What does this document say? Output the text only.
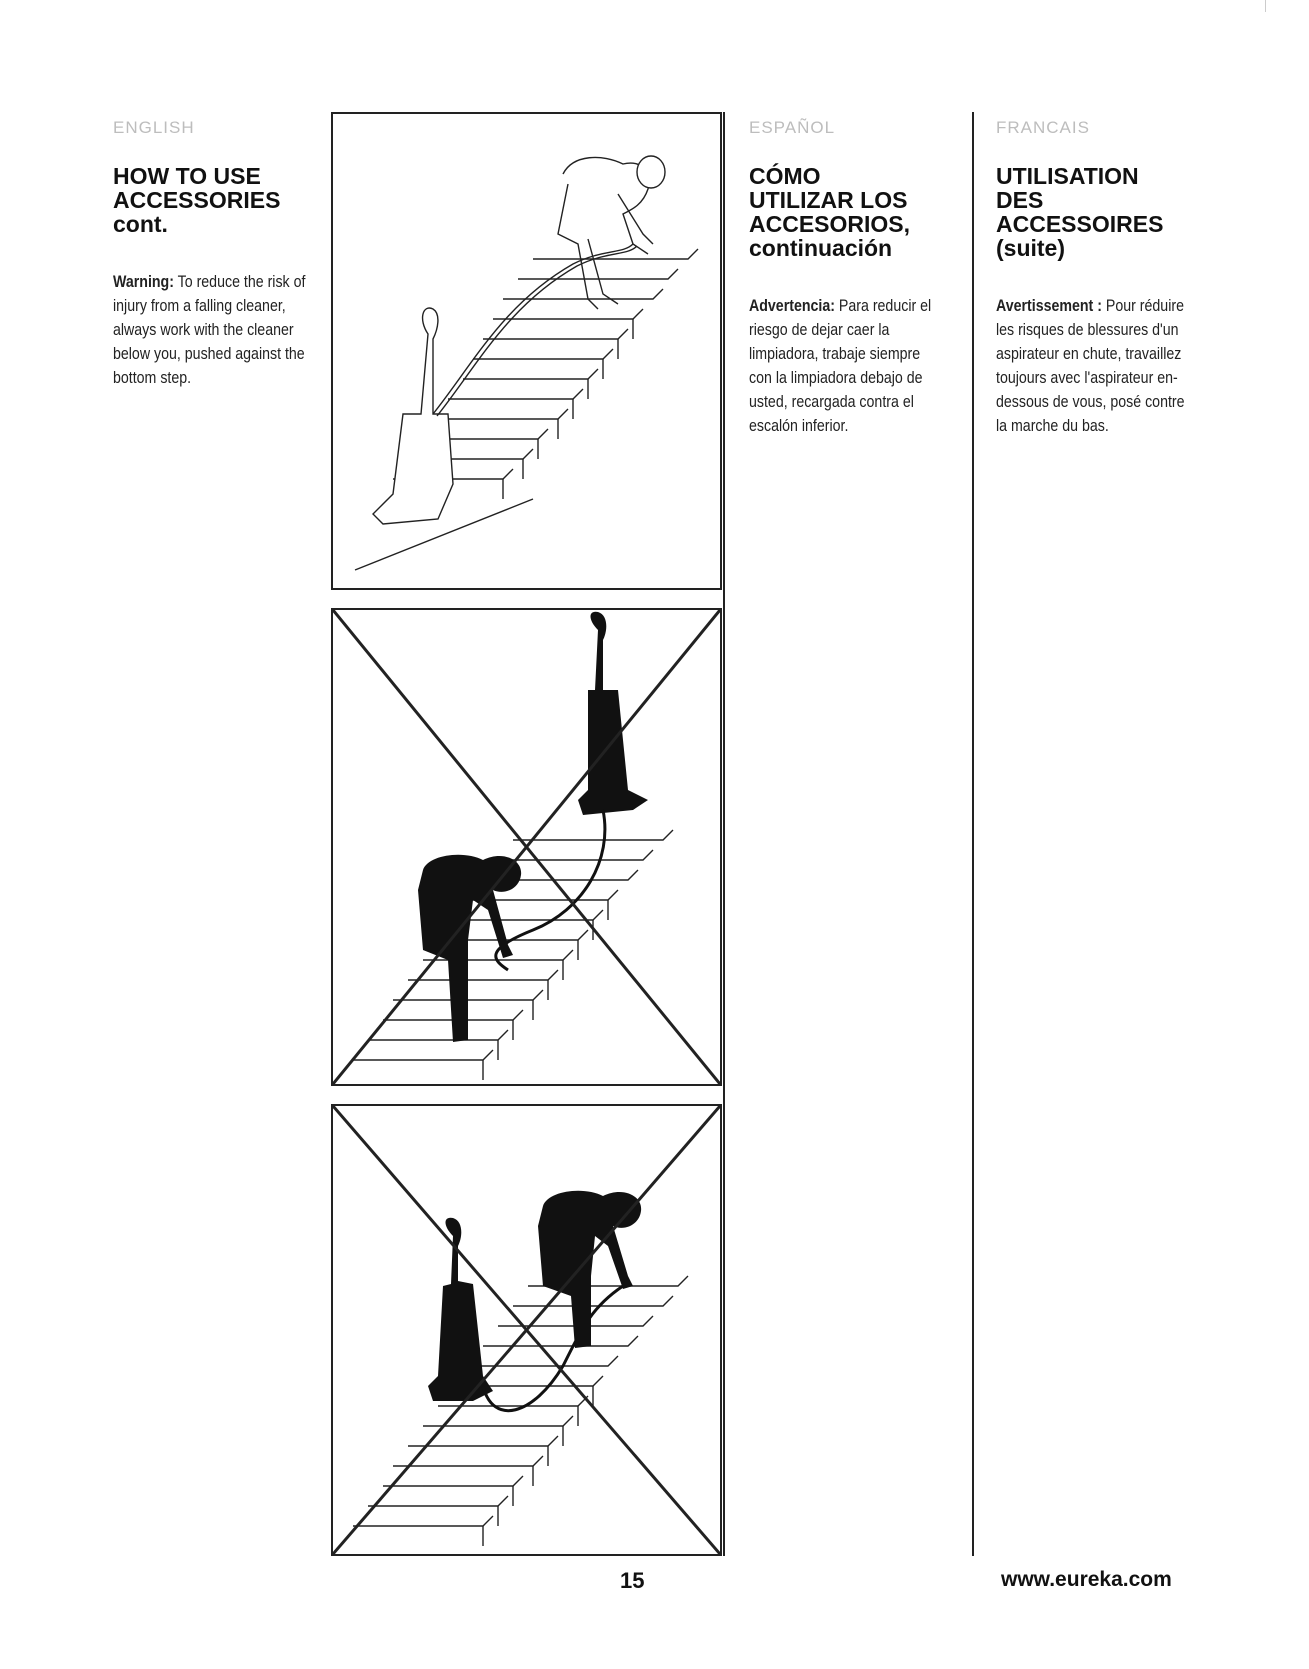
ENGLISH
HOW TO USE
ACCESSORIES
cont.
Warning: To reduce the risk of injury from a falling cleaner, always work with the cleaner below you, pushed against the bottom step.
ESPAÑOL
CÓMO
UTILIZAR LOS
ACCESORIOS,
continuación
Advertencia: Para reducir el riesgo de dejar caer la limpiadora, trabaje siempre con la limpiadora debajo de usted, recargada contra el escalón inferior.
FRANCAIS
UTILISATION
DES
ACCESSOIRES
(suite)
Avertissement : Pour réduire les risques de blessures d'un aspirateur en chute, travaillez toujours avec l'aspirateur en-dessous de vous, posé contre la marche du bas.
15	www.eureka.com
